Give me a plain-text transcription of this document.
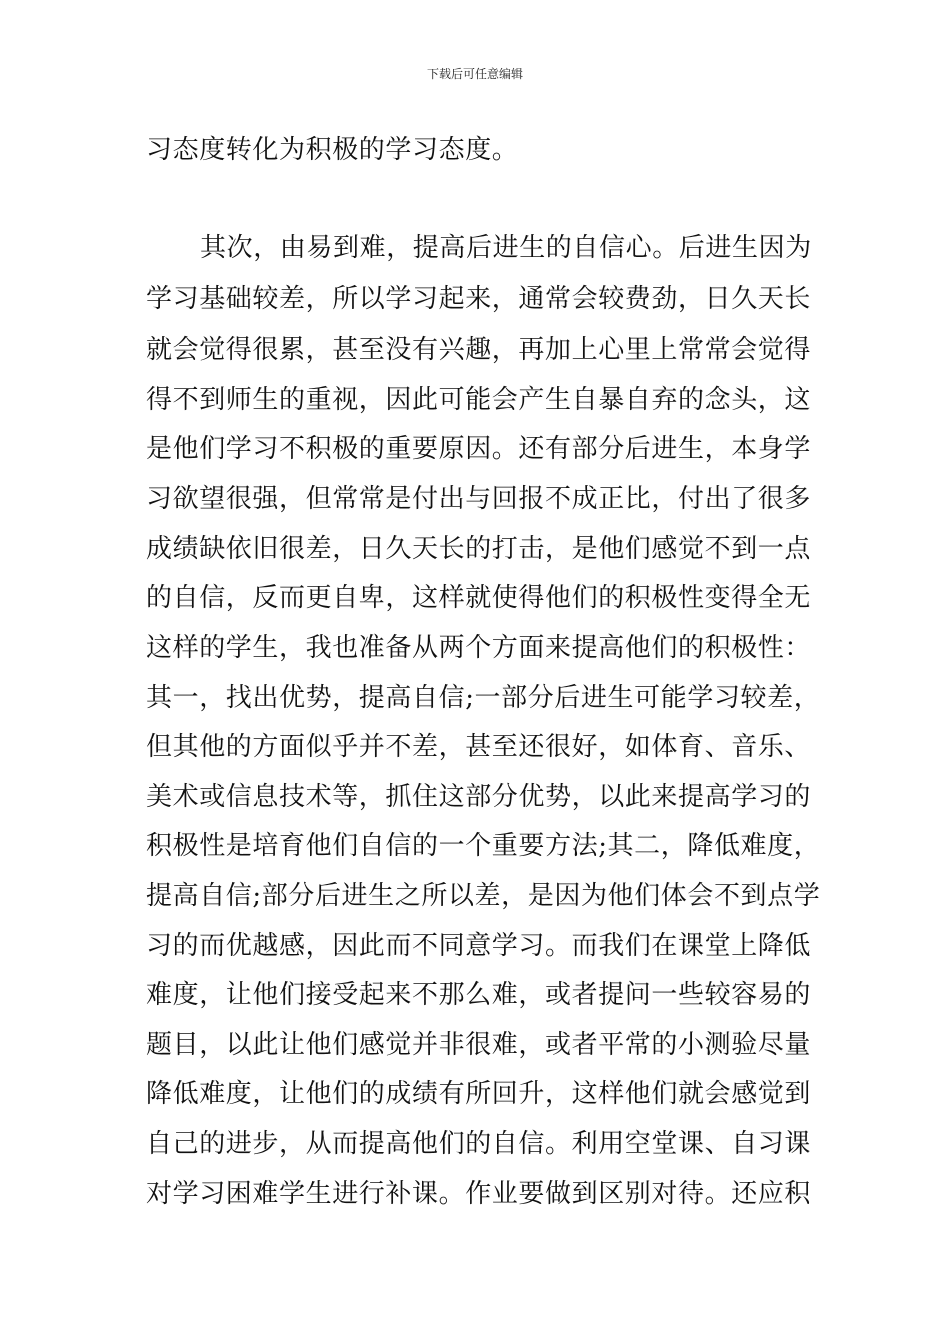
下载后可任意编辑
习态度转化为积极的学习态度。
其次，由易到难，提高后进生的自信心。后进生因为
学习基础较差，所以学习起来，通常会较费劲，日久天长
就会觉得很累，甚至没有兴趣，再加上心里上常常会觉得
得不到师生的重视，因此可能会产生自暴自弃的念头，这
是他们学习不积极的重要原因。还有部分后进生，本身学
习欲望很强，但常常是付出与回报不成正比，付出了很多
成绩缺依旧很差，日久天长的打击，是他们感觉不到一点
的自信，反而更自卑，这样就使得他们的积极性变得全无
这样的学生，我也准备从两个方面来提高他们的积极性：
其一，找出优势，提高自信;一部分后进生可能学习较差，
但其他的方面似乎并不差，甚至还很好，如体育、音乐、
美术或信息技术等，抓住这部分优势，以此来提高学习的
积极性是培育他们自信的一个重要方法;其二，降低难度，
提高自信;部分后进生之所以差，是因为他们体会不到点学
习的而优越感，因此而不同意学习。而我们在课堂上降低
难度，让他们接受起来不那么难，或者提问一些较容易的
题目，以此让他们感觉并非很难，或者平常的小测验尽量
降低难度，让他们的成绩有所回升，这样他们就会感觉到
自己的进步，从而提高他们的自信。利用空堂课、自习课
对学习困难学生进行补课。作业要做到区别对待。还应积
